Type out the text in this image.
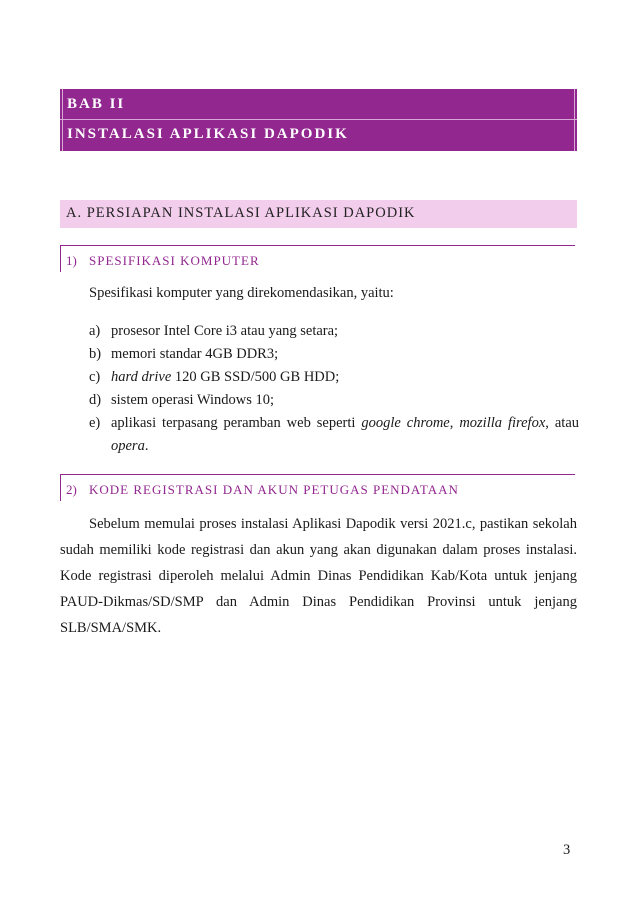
BAB II
INSTALASI APLIKASI DAPODIK
A. PERSIAPAN INSTALASI APLIKASI DAPODIK
1) SPESIFIKASI KOMPUTER
Spesifikasi komputer yang direkomendasikan, yaitu:
a) prosesor Intel Core i3 atau yang setara;
b) memori standar 4GB DDR3;
c) hard drive 120 GB SSD/500 GB HDD;
d) sistem operasi Windows 10;
e) aplikasi terpasang peramban web seperti google chrome, mozilla firefox, atau opera.
2) KODE REGISTRASI DAN AKUN PETUGAS PENDATAAN

Sebelum memulai proses instalasi Aplikasi Dapodik versi 2021.c, pastikan sekolah sudah memiliki kode registrasi dan akun yang akan digunakan dalam proses instalasi. Kode registrasi diperoleh melalui Admin Dinas Pendidikan Kab/Kota untuk jenjang PAUD-Dikmas/SD/SMP dan Admin Dinas Pendidikan Provinsi untuk jenjang SLB/SMA/SMK.

3
